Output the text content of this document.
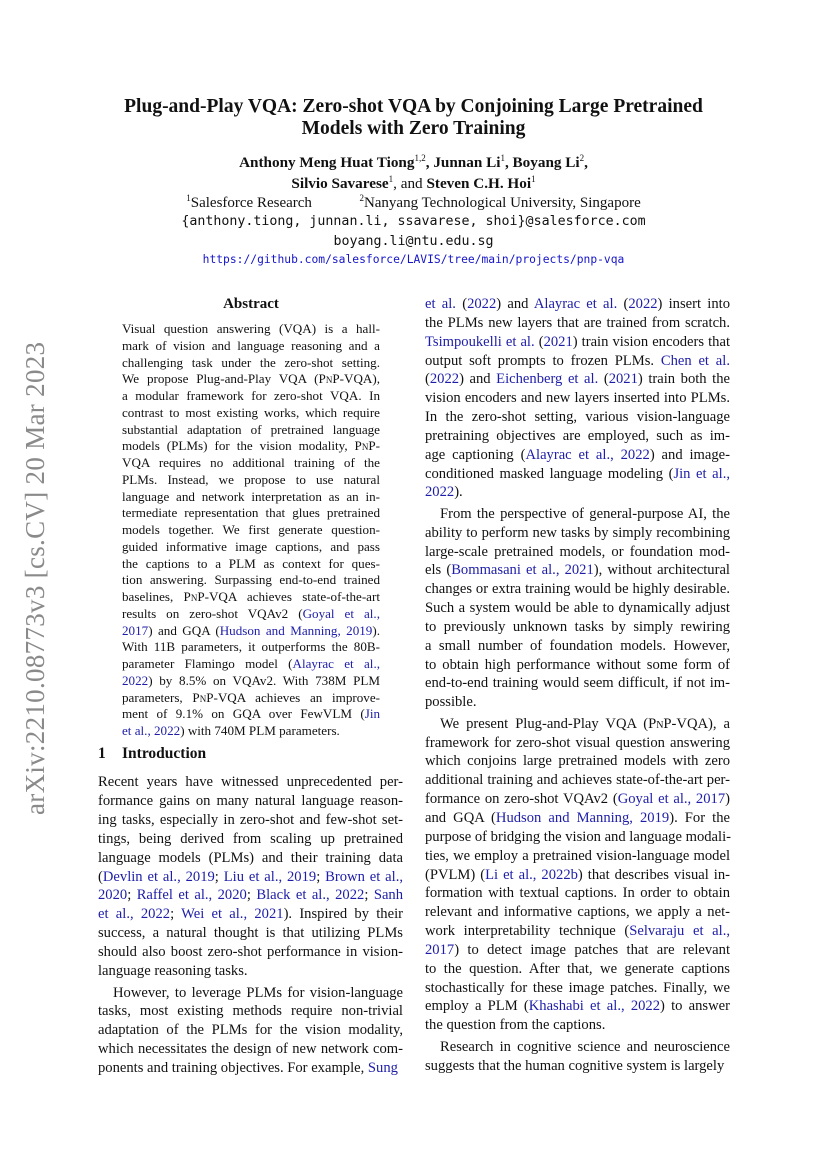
arXiv:2210.08773v3 [cs.CV] 20 Mar 2023
Plug-and-Play VQA: Zero-shot VQA by Conjoining Large Pretrained
Models with Zero Training
Anthony Meng Huat Tiong$^{1,2}$, Junnan Li$^1$, Boyang Li$^2$,
Silvio Savarese$^1$, and Steven C.H. Hoi$^1$
$^1$Salesforce Research	$^2$Nanyang Technological University, Singapore
{anthony.tiong, junnan.li, ssavarese, shoi}@salesforce.com
boyang.li@ntu.edu.sg
https://github.com/salesforce/LAVIS/tree/main/projects/pnp-vqa
Abstract
Visual question answering (VQA) is a hall-
mark of vision and language reasoning and a
challenging task under the zero-shot setting.
We propose Plug-and-Play VQA (PnP-VQA),
a modular framework for zero-shot VQA. In
contrast to most existing works, which require
substantial adaptation of pretrained language
models (PLMs) for the vision modality, PnP-
VQA requires no additional training of the
PLMs. Instead, we propose to use natural
language and network interpretation as an in-
termediate representation that glues pretrained
models together. We first generate question-
guided informative image captions, and pass
the captions to a PLM as context for ques-
tion answering. Surpassing end-to-end trained
baselines, PnP-VQA achieves state-of-the-art
results on zero-shot VQAv2 (Goyal et al.,
2017) and GQA (Hudson and Manning, 2019).
With 11B parameters, it outperforms the 80B-
parameter Flamingo model (Alayrac et al.,
2022) by 8.5% on VQAv2. With 738M PLM
parameters, PnP-VQA achieves an improve-
ment of 9.1% on GQA over FewVLM (Jin
et al., 2022) with 740M PLM parameters.
1 Introduction
Recent years have witnessed unprecedented per-
formance gains on many natural language reason-
ing tasks, especially in zero-shot and few-shot set-
tings, being derived from scaling up pretrained
language models (PLMs) and their training data
(Devlin et al., 2019; Liu et al., 2019; Brown et al.,
2020; Raffel et al., 2020; Black et al., 2022; Sanh
et al., 2022; Wei et al., 2021). Inspired by their
success, a natural thought is that utilizing PLMs
should also boost zero-shot performance in vision-
language reasoning tasks.
However, to leverage PLMs for vision-language
tasks, most existing methods require non-trivial
adaptation of the PLMs for the vision modality,
which necessitates the design of new network com-
ponents and training objectives. For example, Sung
et al. (2022) and Alayrac et al. (2022) insert into
the PLMs new layers that are trained from scratch.
Tsimpoukelli et al. (2021) train vision encoders that
output soft prompts to frozen PLMs. Chen et al.
(2022) and Eichenberg et al. (2021) train both the
vision encoders and new layers inserted into PLMs.
In the zero-shot setting, various vision-language
pretraining objectives are employed, such as im-
age captioning (Alayrac et al., 2022) and image-
conditioned masked language modeling (Jin et al.,
2022).
From the perspective of general-purpose AI, the
ability to perform new tasks by simply recombining
large-scale pretrained models, or foundation mod-
els (Bommasani et al., 2021), without architectural
changes or extra training would be highly desirable.
Such a system would be able to dynamically adjust
to previously unknown tasks by simply rewiring
a small number of foundation models. However,
to obtain high performance without some form of
end-to-end training would seem difficult, if not im-
possible.
We present Plug-and-Play VQA (PnP-VQA), a
framework for zero-shot visual question answering
which conjoins large pretrained models with zero
additional training and achieves state-of-the-art per-
formance on zero-shot VQAv2 (Goyal et al., 2017)
and GQA (Hudson and Manning, 2019). For the
purpose of bridging the vision and language modali-
ties, we employ a pretrained vision-language model
(PVLM) (Li et al., 2022b) that describes visual in-
formation with textual captions. In order to obtain
relevant and informative captions, we apply a net-
work interpretability technique (Selvaraju et al.,
2017) to detect image patches that are relevant
to the question. After that, we generate captions
stochastically for these image patches. Finally, we
employ a PLM (Khashabi et al., 2022) to answer
the question from the captions.
Research in cognitive science and neuroscience
suggests that the human cognitive system is largely
